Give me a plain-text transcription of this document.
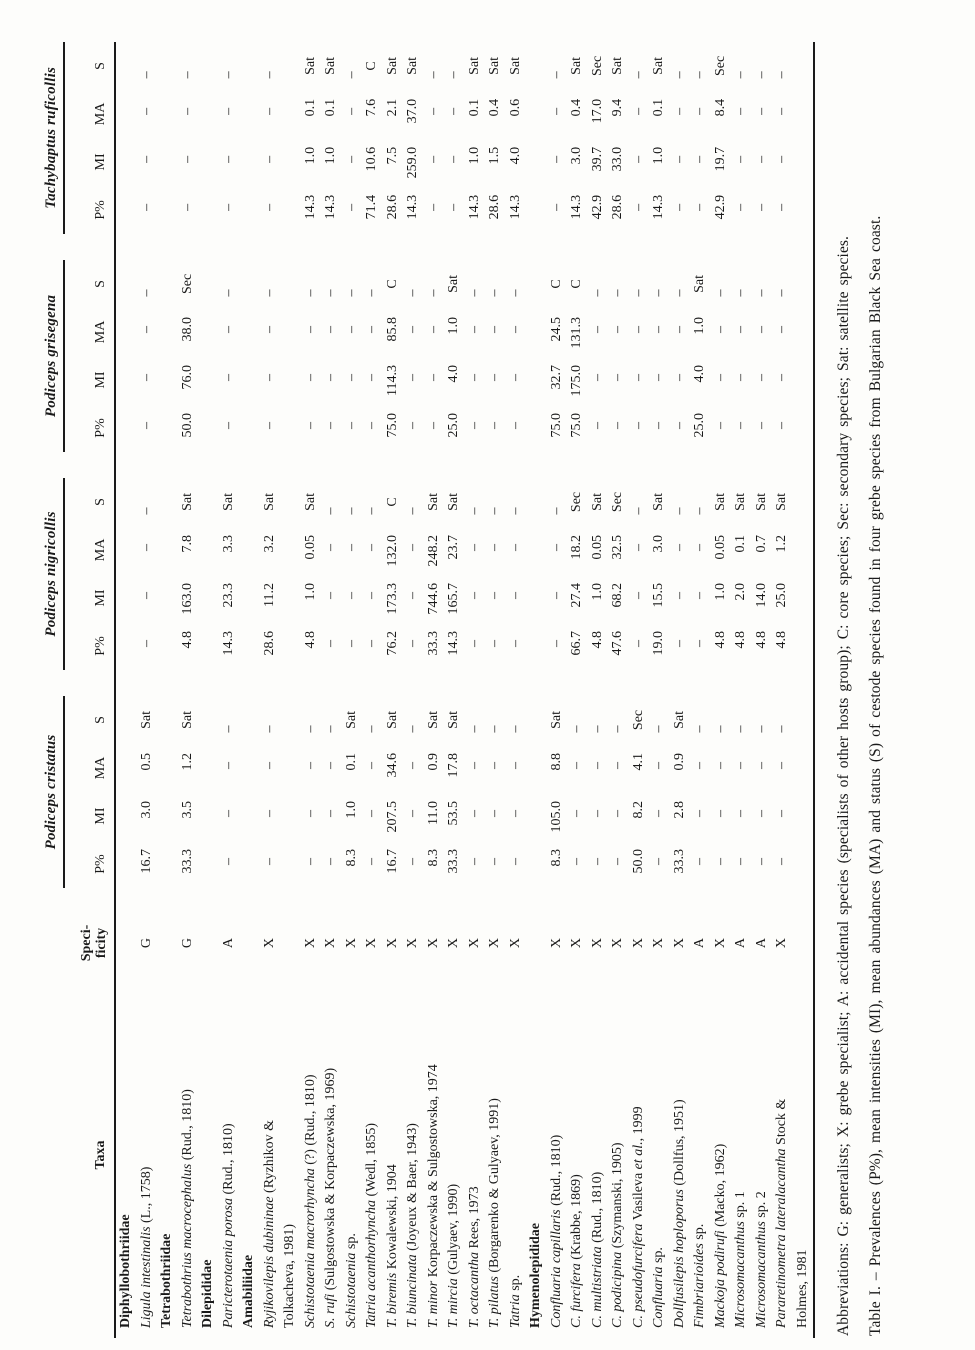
			Podiceps cristatus					Podiceps nigricollis					Podiceps grisegena					Tachybaptus ruficollis			
Taxa	Speci-
ficity		P%	MI	MA	S		P%	MI	MA	S		P%	MI	MA	S		P%	MI	MA	S
Diphyllobothriidae																					
Ligula intestinalis (L., 1758)	G		16.7	3.0	0.5	Sat		–	–	–	–		–	–	–	–		–	–	–	–
Tetrabothriidae																					
Tetrabothrius macrocephalus (Rud., 1810)	G		33.3	3.5	1.2	Sat		4.8	163.0	7.8	Sat		50.0	76.0	38.0	Sec		–	–	–	–
Dilepididae																					
Paricterotaenia porosa (Rud., 1810)	A		–	–	–	–		14.3	23.3	3.3	Sat		–	–	–	–		–	–	–	–
Amabiliidae																					
Ryjikovilepis dubininae (Ryzhikov &
Tolkacheva, 1981)	X		–	–	–	–		28.6	11.2	3.2	Sat		–	–	–	–		–	–	–	–
Schistotaenia macrorhyncha (?) (Rud., 1810)	X		–	–	–	–		4.8	1.0	0.05	Sat		–	–	–	–		14.3	1.0	0.1	Sat
S. rufi (Sulgostowska & Korpaczewska, 1969)	X		–	–	–	–		–	–	–	–		–	–	–	–		14.3	1.0	0.1	Sat
Schistotaenia sp.	X		8.3	1.0	0.1	Sat		–	–	–	–		–	–	–	–		–	–	–	–
Tatria acanthorhyncha (Wedl, 1855)	X		–	–	–	–		–	–	–	–		–	–	–	–		71.4	10.6	7.6	C
T. biremis Kowalewski, 1904	X		16.7	207.5	34.6	Sat		76.2	173.3	132.0	C		75.0	114.3	85.8	C		28.6	7.5	2.1	Sat
T. biuncinata (Joyeux & Baer, 1943)	X		–	–	–	–		–	–	–	–		–	–	–	–		14.3	259.0	37.0	Sat
T. minor Korpaczewska & Sulgostowska, 1974	X		8.3	11.0	0.9	Sat		33.3	744.6	248.2	Sat		–	–	–	–		–	–	–	–
T. mircia (Gulyaev, 1990)	X		33.3	53.5	17.8	Sat		14.3	165.7	23.7	Sat		25.0	4.0	1.0	Sat		–	–	–	–
T. octacantha Rees, 1973	X		–	–	–	–		–	–	–	–		–	–	–	–		14.3	1.0	0.1	Sat
T. pilatus (Borgarenko & Gulyaev, 1991)	X		–	–	–	–		–	–	–	–		–	–	–	–		28.6	1.5	0.4	Sat
Tatria sp.	X		–	–	–	–		–	–	–	–		–	–	–	–		14.3	4.0	0.6	Sat
Hymenolepididae																					
Confluaria capillaris (Rud., 1810)	X		8.3	105.0	8.8	Sat		–	–	–	–		75.0	32.7	24.5	C		–	–	–	–
C. furcifera (Krabbe, 1869)	X		–	–	–	–		66.7	27.4	18.2	Sec		75.0	175.0	131.3	C		14.3	3.0	0.4	Sat
C. multistriata (Rud., 1810)	X		–	–	–	–		4.8	1.0	0.05	Sat		–	–	–	–		42.9	39.7	17.0	Sec
C. podicipina (Szymanski, 1905)	X		–	–	–	–		47.6	68.2	32.5	Sec		–	–	–	–		28.6	33.0	9.4	Sat
C. pseudofurcifera Vasileva et al., 1999	X		50.0	8.2	4.1	Sec		–	–	–	–		–	–	–	–		–	–	–	–
Confluaria sp.	X		–	–	–	–		19.0	15.5	3.0	Sat		–	–	–	–		14.3	1.0	0.1	Sat
Dollfusilepis hoploporus (Dollfus, 1951)	X		33.3	2.8	0.9	Sat		–	–	–	–		–	–	–	–		–	–	–	–
Fimbriarioides sp.	A		–	–	–	–		–	–	–	–		25.0	4.0	1.0	Sat		–	–	–	–
Mackoja podirufi (Macko, 1962)	X		–	–	–	–		4.8	1.0	0.05	Sat		–	–	–	–		42.9	19.7	8.4	Sec
Microsomacanthus sp. 1	A		–	–	–	–		4.8	2.0	0.1	Sat		–	–	–	–		–	–	–	–
Microsomacanthus sp. 2	A		–	–	–	–		4.8	14.0	0.7	Sat		–	–	–	–		–	–	–	–
Pararetinometra lateralacantha Stock &
Holmes, 1981	X		–	–	–	–		4.8	25.0	1.2	Sat		–	–	–	–		–	–	–	–
Abbreviations: G: generalists; X: grebe specialist; A: accidental species (specialists of other hosts group); C: core species; Sec: secondary species; Sat: satellite species. Table I. – Prevalences (P%), mean intensities (MI), mean abundances (MA) and status (S) of cestode species found in four grebe species from Bulgarian Black Sea coast.
